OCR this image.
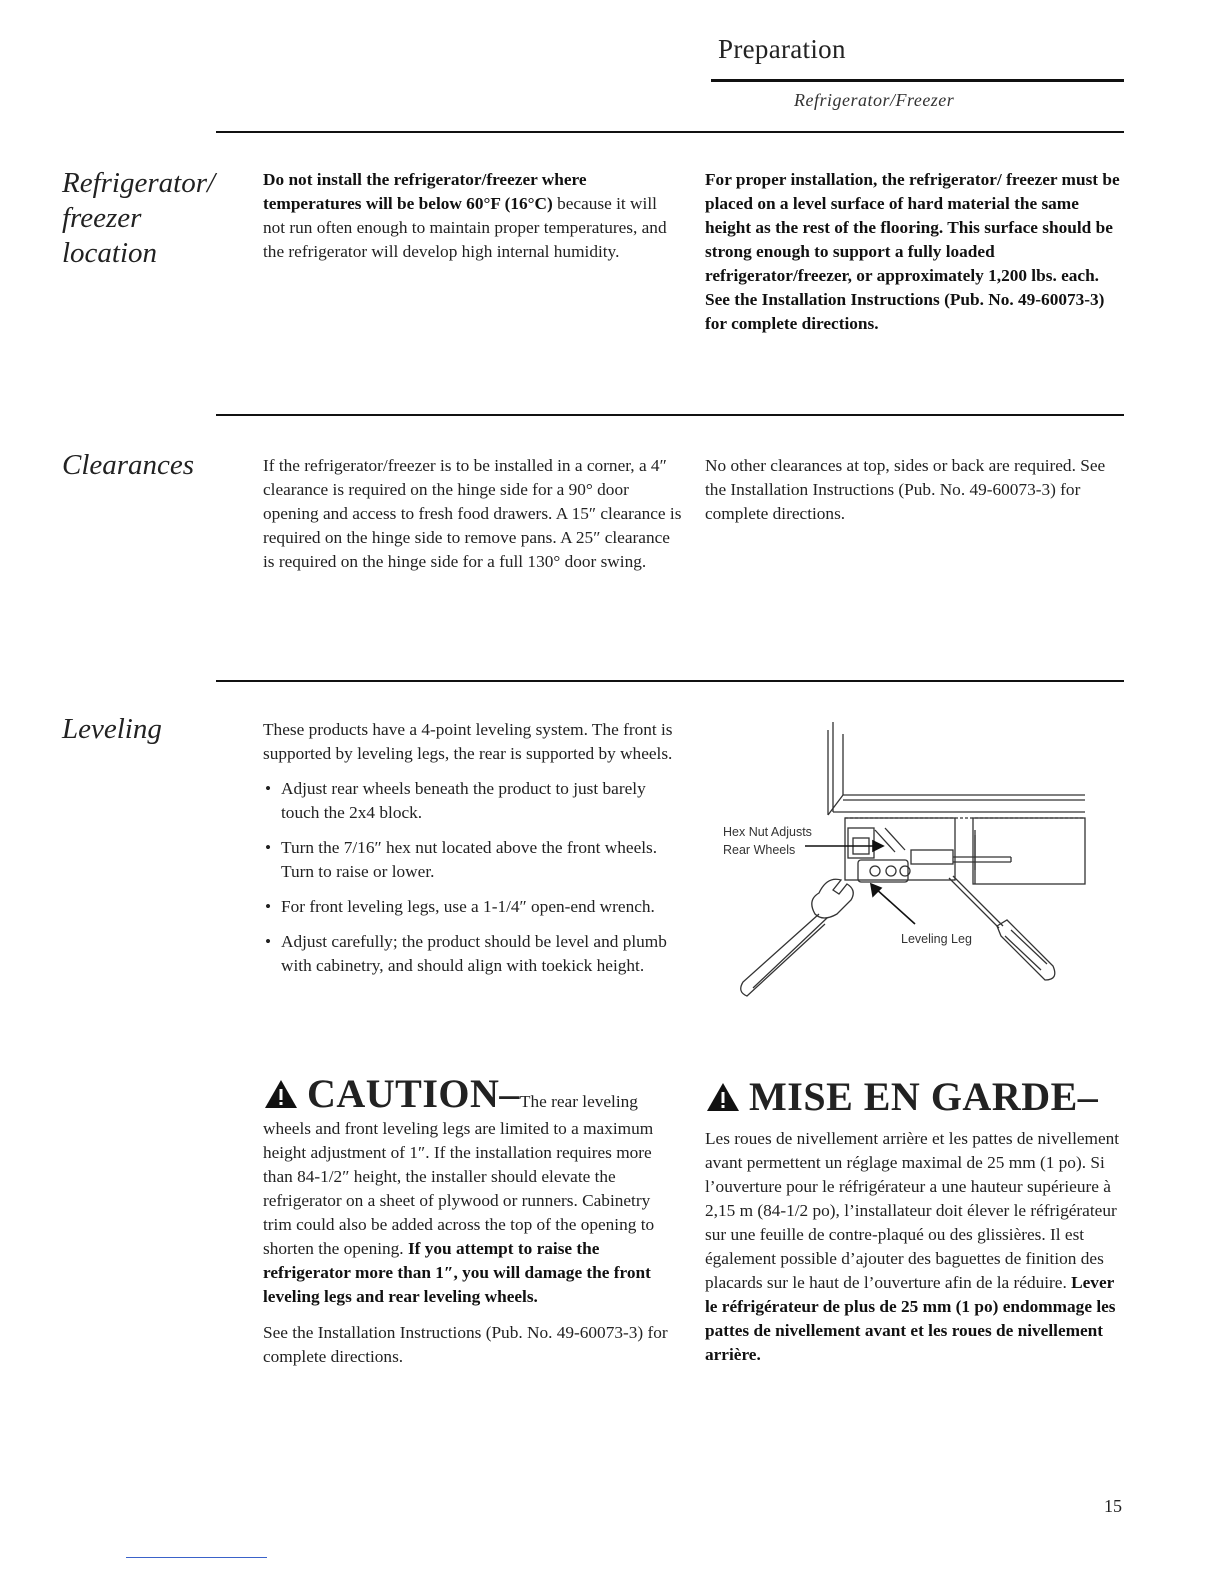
Preparation
Refrigerator/Freezer
Refrigerator/
freezer
location
Do not install the refrigerator/freezer where temperatures will be below 60°F (16°C) because it will not run often enough to maintain proper temperatures, and the refrigerator will develop high internal humidity.
For proper installation, the refrigerator/ freezer must be placed on a level surface of hard material the same height as the rest of the flooring. This surface should be strong enough to support a fully loaded refrigerator/freezer, or approximately 1,200 lbs. each. See the Installation Instructions (Pub. No. 49-60073-3) for complete directions.
Clearances	If the refrigerator/freezer is to be installed in a corner, a 4″ clearance is required on the hinge side for a 90° door opening and access to fresh food drawers. A 15″ clearance is required on the hinge side to remove pans. A 25″ clearance is required on the hinge side for a full 130° door swing.
No other clearances at top, sides or back are required. See the Installation Instructions (Pub. No. 49-60073-3) for complete directions.
Leveling	These products have a 4-point leveling system. The front is supported by leveling legs, the rear is supported by wheels.
• Adjust rear wheels beneath the product to just barely touch the 2x4 block.
• Turn the 7/16″ hex nut located above the front wheels. Turn to raise or lower.
• For front leveling legs, use a 1-1/4″ open-end wrench.
• Adjust carefully; the product should be level and plumb with cabinetry, and should align with toekick height.
Hex Nut Adjusts
Rear Wheels
Leveling Leg
CAUTION–The rear leveling wheels and front leveling legs are limited to a maximum height adjustment of 1″. If the installation requires more than 84-1/2″ height, the installer should elevate the refrigerator on a sheet of plywood or runners. Cabinetry trim could also be added across the top of the opening to shorten the opening. If you attempt to raise the refrigerator more than 1″, you will damage the front leveling legs and rear leveling wheels.
See the Installation Instructions (Pub. No. 49-60073-3) for complete directions.
MISE EN GARDE–
Les roues de nivellement arrière et les pattes de nivellement avant permettent un réglage maximal de 25 mm (1 po). Si l’ouverture pour le réfrigérateur a une hauteur supérieure à 2,15 m (84-1/2 po), l’installateur doit élever le réfrigérateur sur une feuille de contre-plaqué ou des glissières. Il est également possible d’ajouter des baguettes de finition des placards sur le haut de l’ouverture afin de la réduire. Lever le réfrigérateur de plus de 25 mm (1 po) endommage les pattes de nivellement avant et les roues de nivellement arrière.
15
